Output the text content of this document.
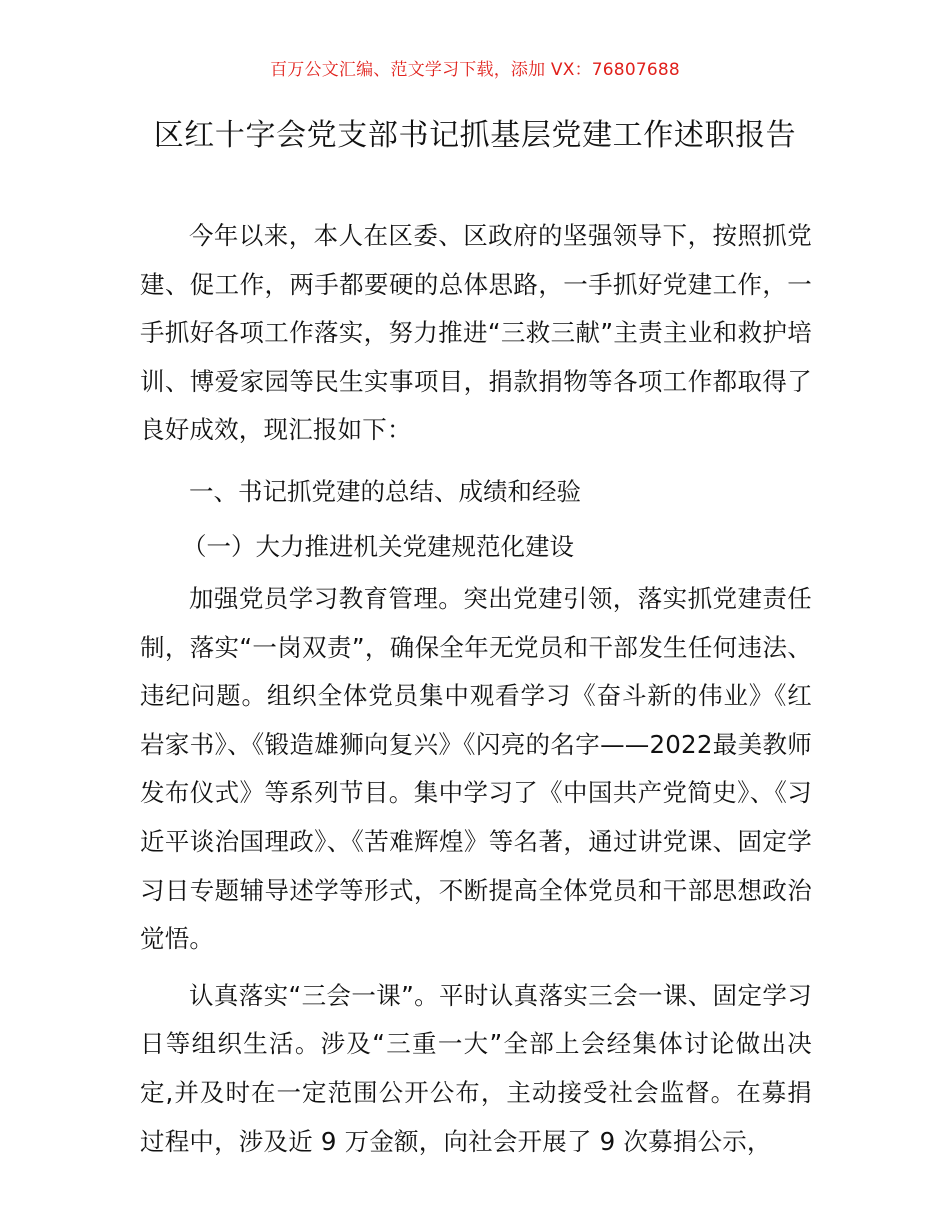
百万公文汇编、范文学习下载，添加 VX：76807688
区红十字会党支部书记抓基层党建工作述职报告

今年以来，本人在区委、区政府的坚强领导下，按照抓党建、促工作，两手都要硬的总体思路，一手抓好党建工作，一手抓好各项工作落实，努力推进“三救三献”主责主业和救护培训、博爱家园等民生实事项目，捐款捐物等各项工作都取得了良好成效，现汇报如下：

一、书记抓党建的总结、成绩和经验

（一）大力推进机关党建规范化建设

加强党员学习教育管理。突出党建引领，落实抓党建责任制，落实“一岗双责”，确保全年无党员和干部发生任何违法、违纪问题。组织全体党员集中观看学习《奋斗新的伟业》《红岩家书》、《锻造雄狮向复兴》《闪亮的名字——2022最美教师发布仪式》等系列节目。集中学习了《中国共产党简史》、《习近平谈治国理政》、《苦难辉煌》等名著，通过讲党课、固定学习日专题辅导述学等形式，不断提高全体党员和干部思想政治觉悟。

认真落实“三会一课”。平时认真落实三会一课、固定学习日等组织生活。涉及“三重一大”全部上会经集体讨论做出决定,并及时在一定范围公开公布，主动接受社会监督。在募捐过程中，涉及近 9 万金额，向社会开展了 9 次募捐公示，
